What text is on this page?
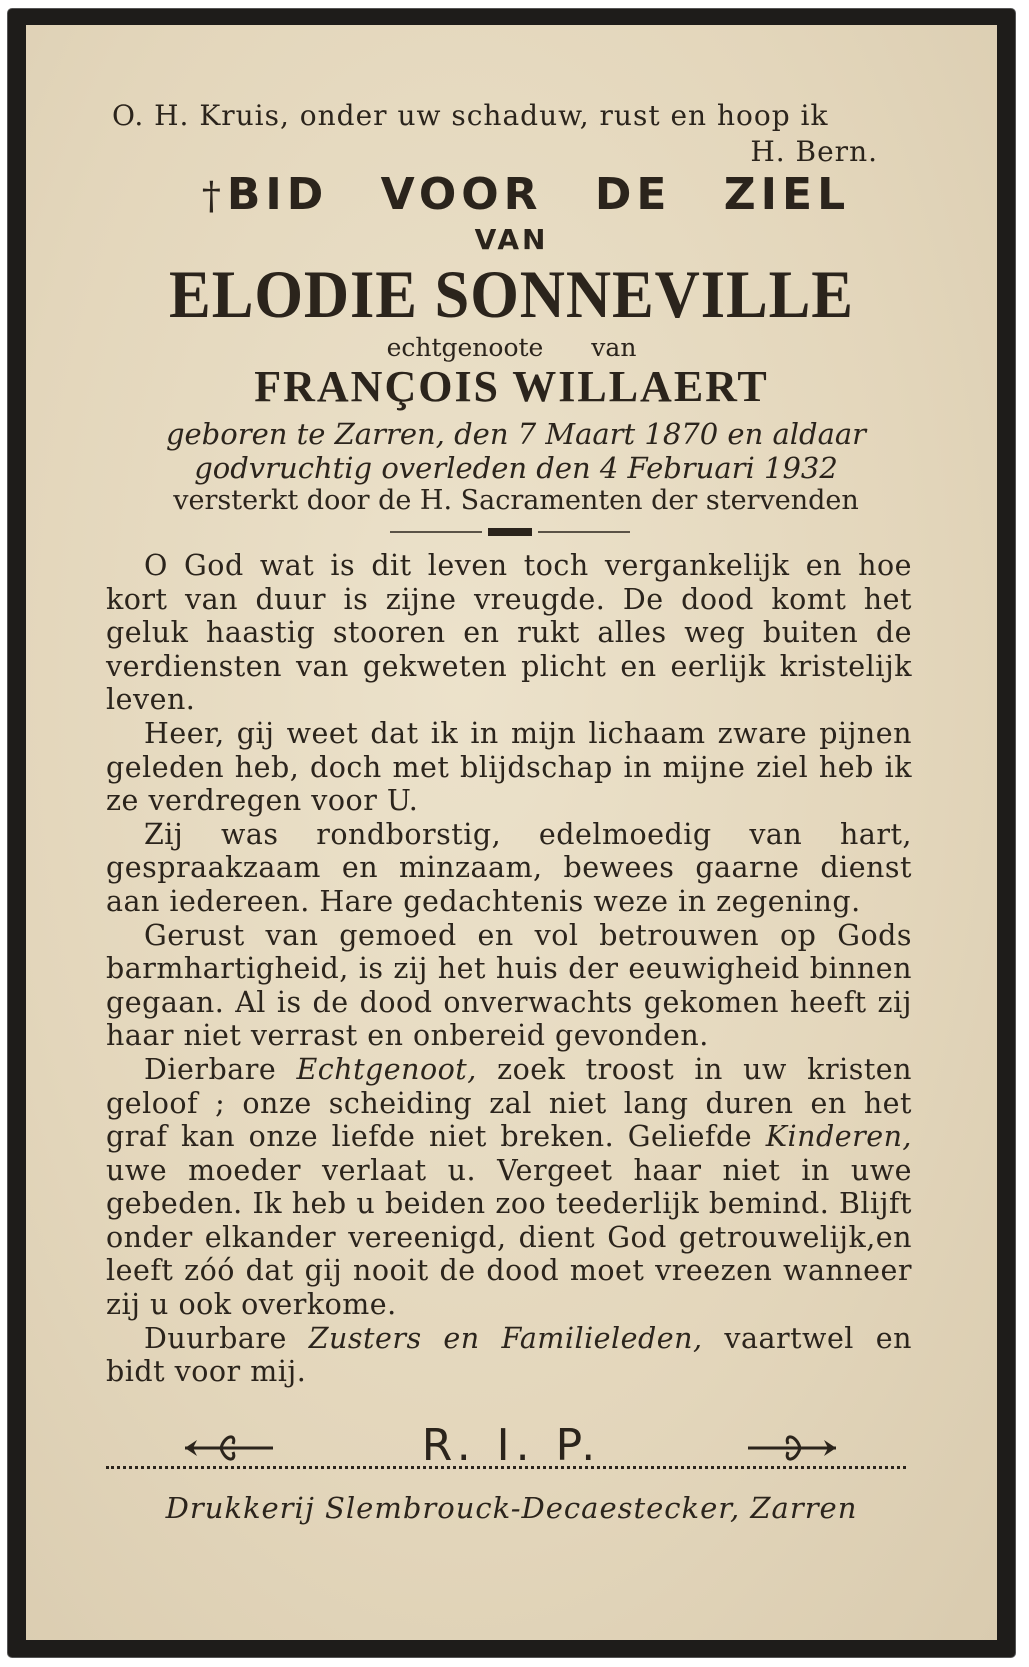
O. H. Kruis, onder uw schaduw, rust en hoop ik
H. Bern.
† BID VOOR DE ZIEL
VAN
ELODIE SONNEVILLE
echtgenoote van
FRANÇOIS WILLAERT
geboren te Zarren, den 7 Maart 1870 en aldaar
godvruchtig overleden den 4 Februari 1932
versterkt door de H. Sacramenten der stervenden

O God wat is dit leven toch vergankelijk en hoe kort van duur is zijne vreugde. De dood komt het geluk haastig stooren en rukt alles weg buiten de verdiensten van gekweten plicht en eerlijk kristelijk leven.

Heer, gij weet dat ik in mijn lichaam zware pijnen geleden heb, doch met blijdschap in mijne ziel heb ik ze verdregen voor U.

Zij was rondborstig, edelmoedig van hart, gespraakzaam en minzaam, bewees gaarne dienst aan iedereen. Hare gedachtenis weze in zegening.

Gerust van gemoed en vol betrouwen op Gods barmhartigheid, is zij het huis der eeuwigheid binnen gegaan. Al is de dood onverwachts gekomen heeft zij haar niet verrast en onbereid gevonden.

Dierbare Echtgenoot, zoek troost in uw kristen geloof ; onze scheiding zal niet lang duren en het graf kan onze liefde niet breken. Geliefde Kinderen, uwe moeder verlaat u. Vergeet haar niet in uwe gebeden. Ik heb u beiden zoo teederlijk bemind. Blijft onder elkander vereenigd, dient God getrouwelijk,en leeft zóó dat gij nooit de dood moet vreezen wanneer zij u ook overkome.

Duurbare Zusters en Familieleden, vaartwel en bidt voor mij.

R. I. P.
Drukkerij Slembrouck-Decaestecker, Zarren
